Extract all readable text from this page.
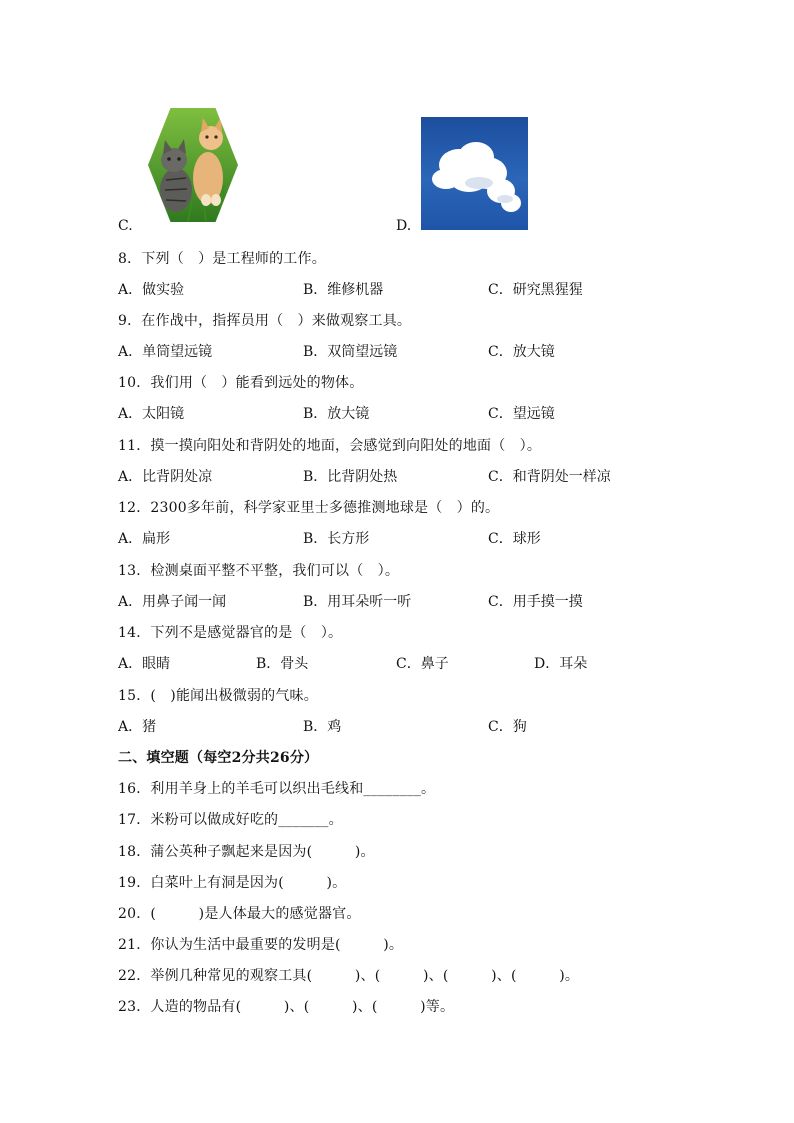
C.	D.
8．下列（　）是工程师的工作。
A．做实验	B．维修机器	C．研究黑猩猩
9．在作战中，指挥员用（　）来做观察工具。
A．单筒望远镜	B．双筒望远镜	C．放大镜
10．我们用（　）能看到远处的物体。
A．太阳镜	B．放大镜	C．望远镜
11．摸一摸向阳处和背阴处的地面，会感觉到向阳处的地面（　）。
A．比背阴处凉	B．比背阴处热	C．和背阴处一样凉
12．2300多年前，科学家亚里士多德推测地球是（　）的。
A．扁形	B．长方形	C．球形
13．检测桌面平整不平整，我们可以（　）。
A．用鼻子闻一闻	B．用耳朵听一听	C．用手摸一摸
14．下列不是感觉器官的是（　）。
A．眼睛	B．骨头	C．鼻子	D．耳朵
15．(　)能闻出极微弱的气味。
A．猪	B．鸡	C．狗
二、填空题（每空2分共26分）
16．利用羊身上的羊毛可以织出毛线和________。
17．米粉可以做成好吃的_______。
18．蒲公英种子飘起来是因为(　　　)。
19．白菜叶上有洞是因为(　　　)。
20．(　　　)是人体最大的感觉器官。
21．你认为生活中最重要的发明是(　　　)。
22．举例几种常见的观察工具(　　　)、(　　　)、(　　　)、(　　　)。
23．人造的物品有(　　　)、(　　　)、(　　　)等。
